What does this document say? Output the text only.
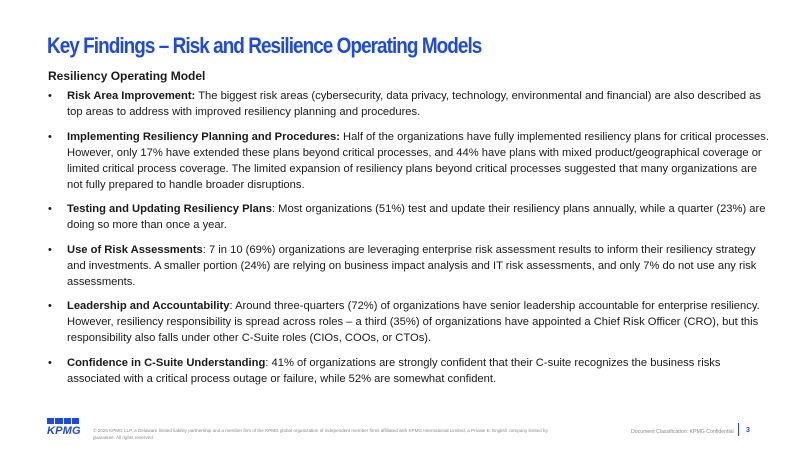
Key Findings – Risk and Resilience Operating Models
Resiliency Operating Model
• Risk Area Improvement: The biggest risk areas (cybersecurity, data privacy, technology, environmental and financial) are also described as top areas to address with improved resiliency planning and procedures.
• Implementing Resiliency Planning and Procedures: Half of the organizations have fully implemented resiliency plans for critical processes. However, only 17% have extended these plans beyond critical processes, and 44% have plans with mixed product/geographical coverage or limited critical process coverage. The limited expansion of resiliency plans beyond critical processes suggested that many organizations are not fully prepared to handle broader disruptions.
• Testing and Updating Resiliency Plans: Most organizations (51%) test and update their resiliency plans annually, while a quarter (23%) are doing so more than once a year.
• Use of Risk Assessments: 7 in 10 (69%) organizations are leveraging enterprise risk assessment results to inform their resiliency strategy and investments. A smaller portion (24%) are relying on business impact analysis and IT risk assessments, and only 7% do not use any risk assessments.
• Leadership and Accountability: Around three-quarters (72%) of organizations have senior leadership accountable for enterprise resiliency. However, resiliency responsibility is spread across roles – a third (35%) of organizations have appointed a Chief Risk Officer (CRO), but this responsibility also falls under other C-Suite roles (CIOs, COOs, or CTOs).
• Confidence in C-Suite Understanding: 41% of organizations are strongly confident that their C-suite recognizes the business risks associated with a critical process outage or failure, while 52% are somewhat confident.
KPMG	© 2025 KPMG LLP, a Delaware limited liability partnership and a member firm of the KPMG global organization of independent member firms affiliated with KPMG International Limited, a Private E. English company limited by guarantee. All rights reserved.
Document Classification: KPMG Confidential 3
